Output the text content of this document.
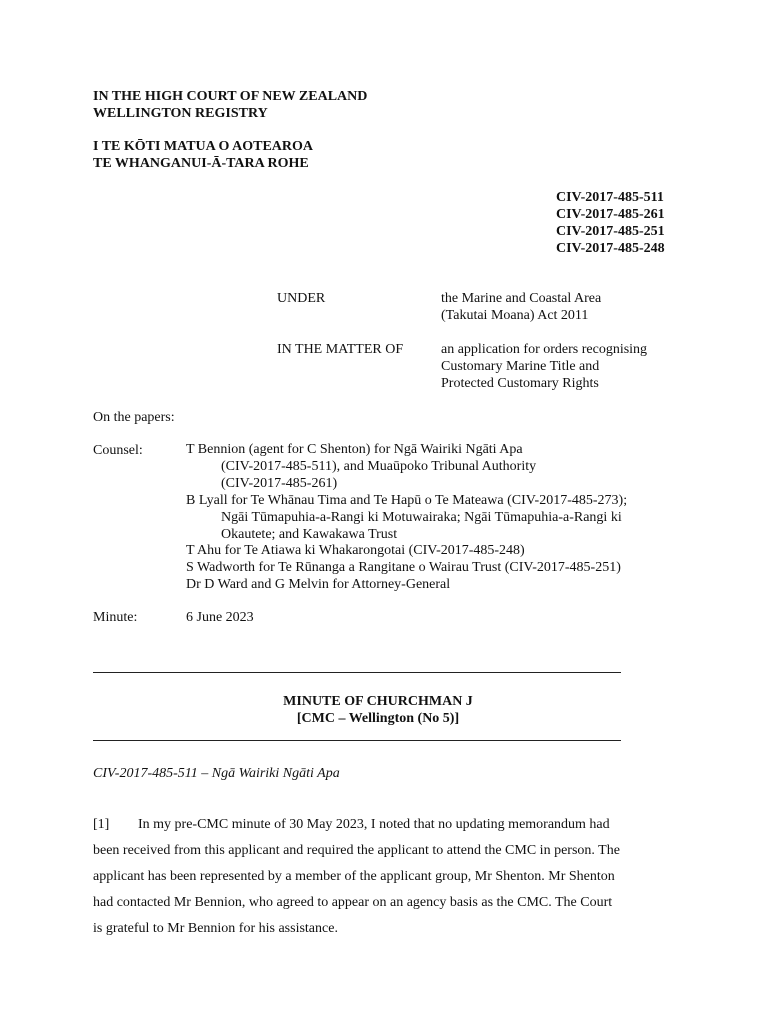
IN THE HIGH COURT OF NEW ZEALAND
WELLINGTON REGISTRY
I TE KŌTI MATUA O AOTEAROA
TE WHANGANUI-Ā-TARA ROHE
CIV-2017-485-511
CIV-2017-485-261
CIV-2017-485-251
CIV-2017-485-248
UNDER	the Marine and Coastal Area
(Takutai Moana) Act 2011
IN THE MATTER OF	an application for orders recognising
Customary Marine Title and
Protected Customary Rights
On the papers:
Counsel:	T Bennion (agent for C Shenton) for Ngā Wairiki Ngāti Apa
(CIV-2017-485-511), and Muaūpoko Tribunal Authority
(CIV-2017-485-261)
B Lyall for Te Whānau Tima and Te Hapū o Te Mateawa (CIV-2017-485-273);
Ngāi Tūmapuhia-a-Rangi ki Motuwairaka; Ngāi Tūmapuhia-a-Rangi ki
Okautete; and Kawakawa Trust
T Ahu for Te Atiawa ki Whakarongotai (CIV-2017-485-248)
S Wadworth for Te Rūnanga a Rangitane o Wairau Trust (CIV-2017-485-251)
Dr D Ward and G Melvin for Attorney-General
Minute:	6 June 2023
MINUTE OF CHURCHMAN J
[CMC – Wellington (No 5)]
CIV-2017-485-511 – Ngā Wairiki Ngāti Apa
[1] In my pre-CMC minute of 30 May 2023, I noted that no updating memorandum had
been received from this applicant and required the applicant to attend the CMC in person. The
applicant has been represented by a member of the applicant group, Mr Shenton. Mr Shenton
had contacted Mr Bennion, who agreed to appear on an agency basis as the CMC. The Court
is grateful to Mr Bennion for his assistance.
